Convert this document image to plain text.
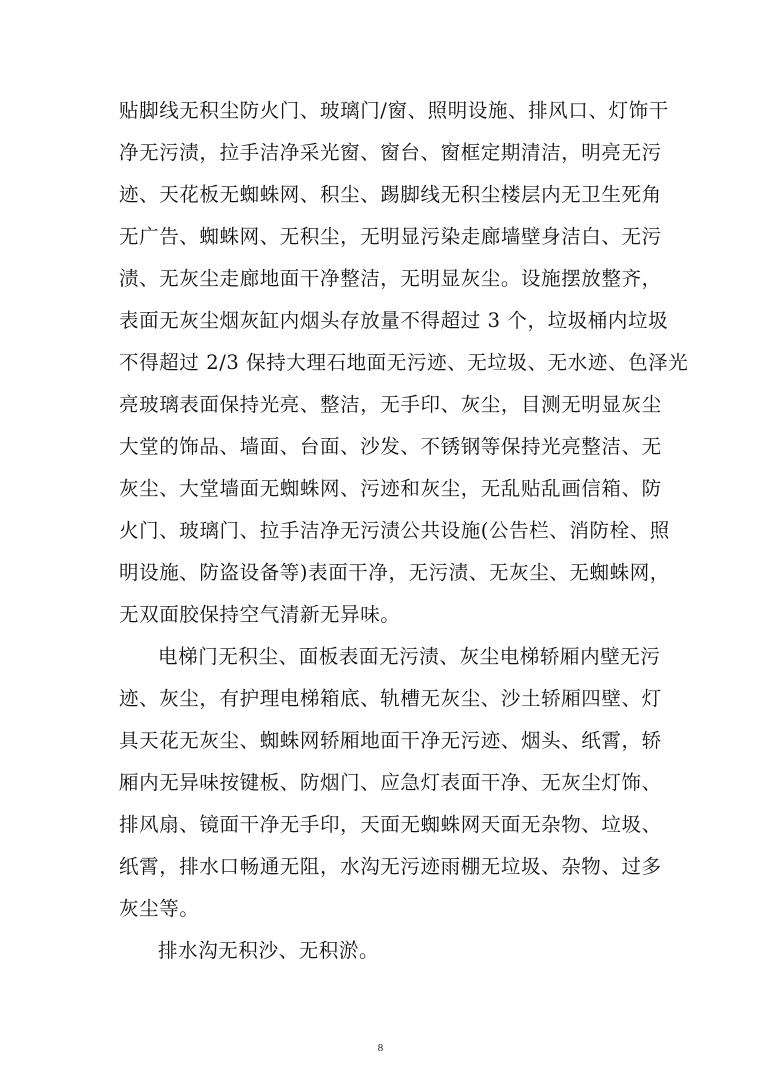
贴脚线无积尘防火门、玻璃门/窗、照明设施、排风口、灯饰干
净无污渍，拉手洁净采光窗、窗台、窗框定期清洁，明亮无污
迹、天花板无蜘蛛网、积尘、踢脚线无积尘楼层内无卫生死角
无广告、蜘蛛网、无积尘，无明显污染走廊墙壁身洁白、无污
渍、无灰尘走廊地面干净整洁，无明显灰尘。设施摆放整齐，
表面无灰尘烟灰缸内烟头存放量不得超过 3 个，垃圾桶内垃圾
不得超过 2/3 保持大理石地面无污迹、无垃圾、无水迹、色泽光
亮玻璃表面保持光亮、整洁，无手印、灰尘，目测无明显灰尘
大堂的饰品、墙面、台面、沙发、不锈钢等保持光亮整洁、无
灰尘、大堂墙面无蜘蛛网、污迹和灰尘，无乱贴乱画信箱、防
火门、玻璃门、拉手洁净无污渍公共设施(公告栏、消防栓、照
明设施、防盗设备等)表面干净，无污渍、无灰尘、无蜘蛛网，
无双面胶保持空气清新无异味。
电梯门无积尘、面板表面无污渍、灰尘电梯轿厢内壁无污
迹、灰尘，有护理电梯箱底、轨槽无灰尘、沙土轿厢四壁、灯
具天花无灰尘、蜘蛛网轿厢地面干净无污迹、烟头、纸霄，轿
厢内无异味按键板、防烟门、应急灯表面干净、无灰尘灯饰、
排风扇、镜面干净无手印，天面无蜘蛛网天面无杂物、垃圾、
纸霄，排水口畅通无阻，水沟无污迹雨棚无垃圾、杂物、过多
灰尘等。
排水沟无积沙、无积淤。
8
